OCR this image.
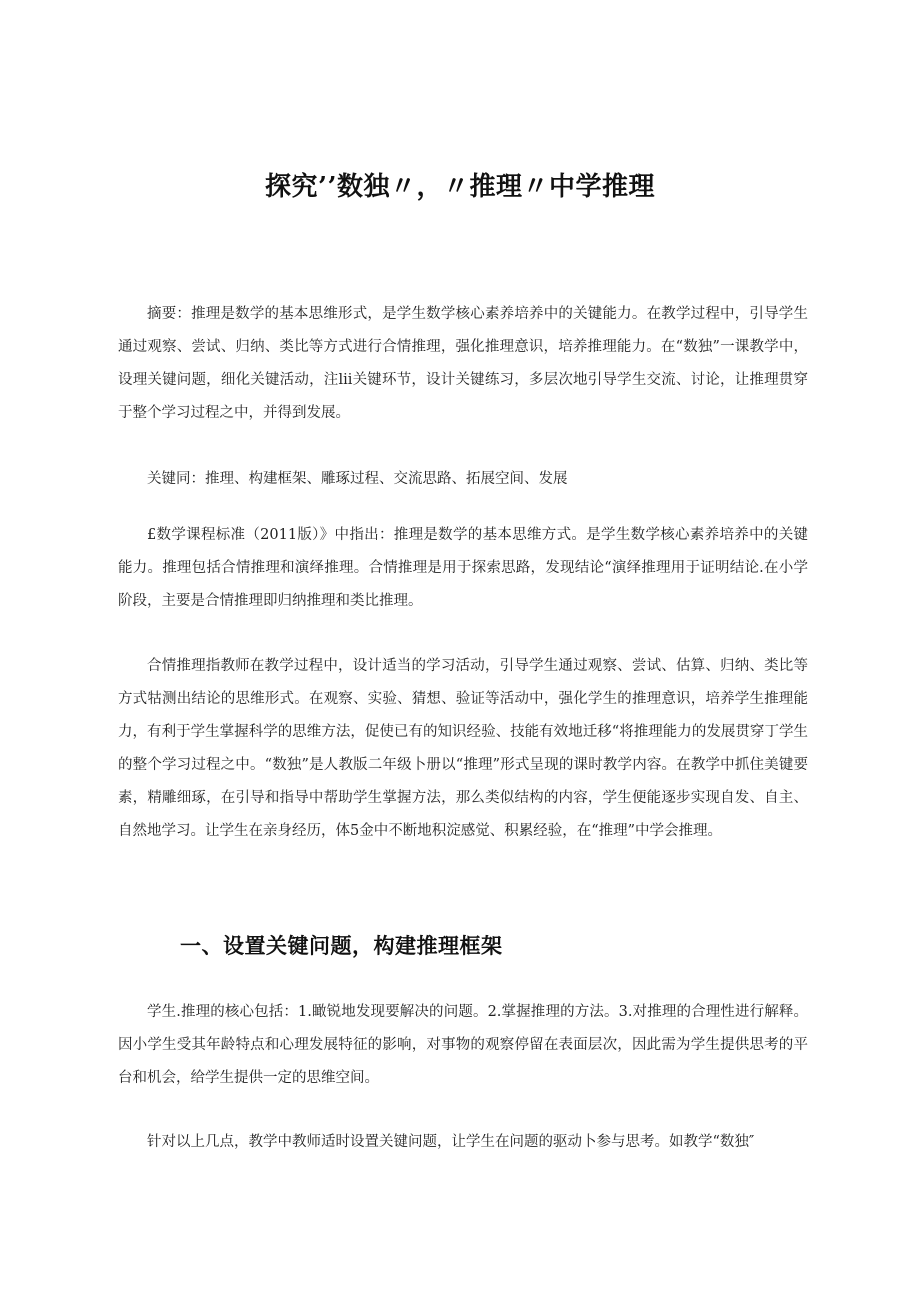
探究’’数独〃，〃推理〃中学推理

摘要：推理是数学的基本思维形式，是学生数学核心素养培养中的关键能力。在教学过程中，引导学生通过观察、尝试、归纳、类比等方式进行合情推理，强化推理意识，培养推理能力。在“数独”一课教学中，设理关键问题，细化关键活动，注lii关键环节，设计关键练习，多层次地引导学生交流、讨论，让推理贯穿于整个学习过程之中，并得到发展。

关键同：推理、构建框架、雕琢过程、交流思路、拓展空间、发展

£数学课程标准（2011版）》中指出：推理是数学的基本思维方式。是学生数学核心素养培养中的关键能力。推理包括合情推理和演绎推理。合情推理是用于探索思路，发现结论“演绎推理用于证明结论.在小学阶段，主要是合情推理即归纳推理和类比推理。

合情推理指教师在教学过程中，设计适当的学习活动，引导学生通过观察、尝试、估算、归纳、类比等方式牯测出结论的思维形式。在观察、实验、猜想、验证等活动中，强化学生的推理意识，培养学生推理能力，有利于学生掌握科学的思维方法，促使已有的知识经验、技能有效地迁移“将推理能力的发展贯穿丁学生的整个学习过程之中。“数独”是人教版二年级卜册以“推理”形式呈现的课时教学内容。在教学中抓住美键要素，精雕细琢，在引导和指导中帮助学生掌握方法，那么类似结构的内容，学生便能逐步实现自发、自主、自然地学习。让学生在亲身经历，体5金中不断地积淀感觉、积累经验，在“推理”中学会推理。

一、设置关键问题，构建推理框架

学生.推理的核心包括：1.瞰锐地发现要解决的问题。2.掌握推理的方法。3.对推理的合理性进行解释。因小学生受其年龄特点和心理发展特征的影响，对事物的观察停留在表面层次，因此需为学生提供思考的平台和机会，给学生提供一定的思维空间。

针对以上几点，教学中教师适时设置关键问题，让学生在问题的驱动卜参与思考。如教学“数独″
